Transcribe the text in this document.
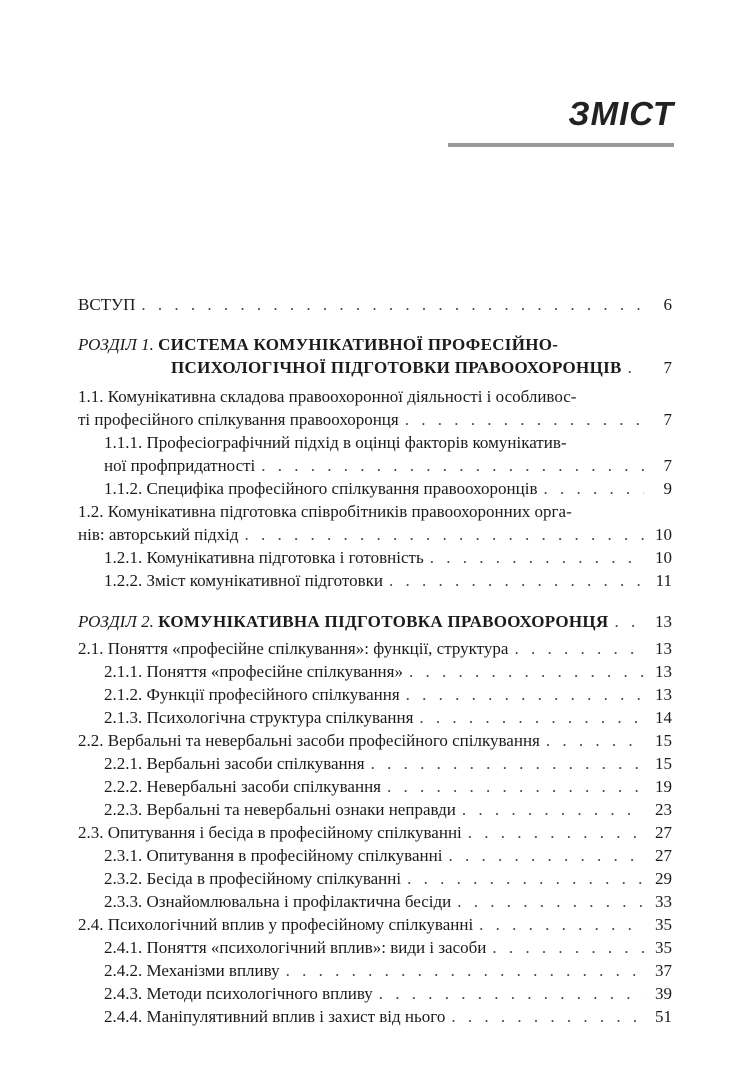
ЗМІСТ
ВСТУП . . .	6
РОЗДІЛ 1. СИСТЕМА КОМУНІКАТИВНОЇ ПРОФЕСІЙНО-
ПСИХОЛОГІЧНОЇ ПІДГОТОВКИ ПРАВООХОРОНЦІВ . . .	7
1.1. Комунікативна складова правоохоронної діяльності і особливос-
ті професійного спілкування правоохоронця . . .	7
1.1.1. Професіографічний підхід в оцінці факторів комунікатив-
ної профпридатності . . .	7
1.1.2. Специфіка професійного спілкування правоохоронців . . .	9
1.2. Комунікативна підготовка співробітників правоохоронних орга-
нів: авторський підхід . . .	10
1.2.1. Комунікативна підготовка і готовність . . .	10
1.2.2. Зміст комунікативної підготовки . . .	11
РОЗДІЛ 2. КОМУНІКАТИВНА ПІДГОТОВКА ПРАВООХОРОНЦЯ . . .	13
2.1. Поняття «професійне спілкування»: функції, структура . . .	13
2.1.1. Поняття «професійне спілкування» . . .	13
2.1.2. Функції професійного спілкування . . .	13
2.1.3. Психологічна структура спілкування . . .	14
2.2. Вербальні та невербальні засоби професійного спілкування . . .	15
2.2.1. Вербальні засоби спілкування . . .	15
2.2.2. Невербальні засоби спілкування . . .	19
2.2.3. Вербальні та невербальні ознаки неправди . . .	23
2.3. Опитування і бесіда в професійному спілкуванні . . .	27
2.3.1. Опитування в професійному спілкуванні . . .	27
2.3.2. Бесіда в професійному спілкуванні . . .	29
2.3.3. Ознайомлювальна і профілактична бесіди . . .	33
2.4. Психологічний вплив у професійному спілкуванні . . .	35
2.4.1. Поняття «психологічний вплив»: види і засоби . . .	35
2.4.2. Механізми впливу . . .	37
2.4.3. Методи психологічного впливу . . .	39
2.4.4. Маніпулятивний вплив і захист від нього . . .	51
